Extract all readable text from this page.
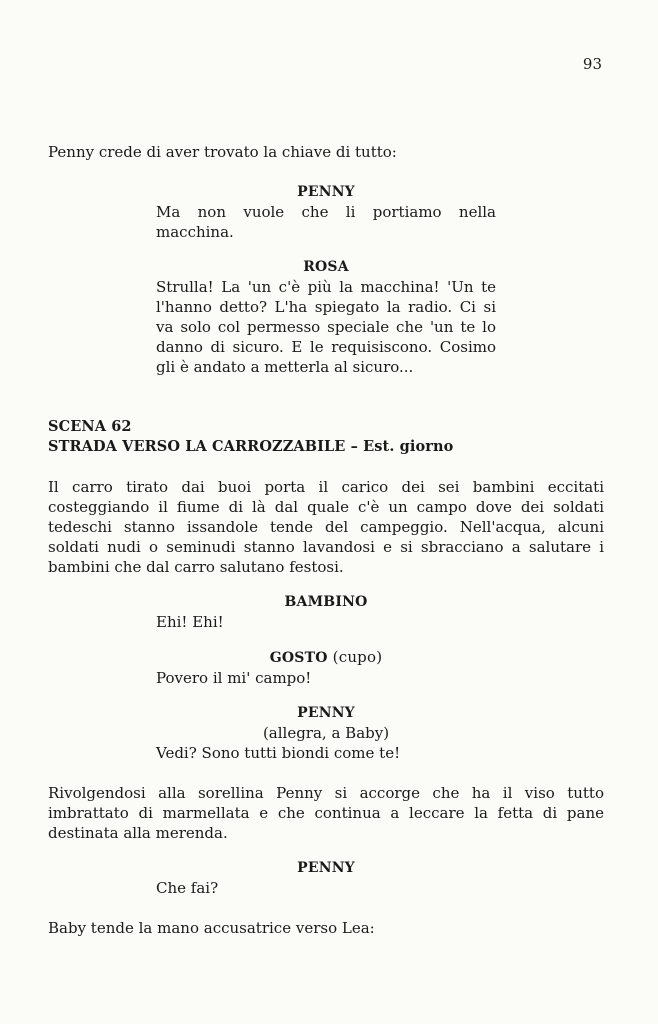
93

Penny crede di aver trovato la chiave di tutto:

PENNY

Ma non vuole che li portiamo nella macchina.

ROSA

Strulla! La 'un c'è più la macchina! 'Un te l'hanno detto? L'ha spiegato la radio. Ci si va solo col permesso speciale che 'un te lo danno di sicuro. E le requisiscono. Cosimo gli è andato a metterla al sicuro...

SCENA 62
STRADA VERSO LA CARROZZABILE – Est. giorno

Il carro tirato dai buoi porta il carico dei sei bambini eccitati costeggiando il fiume di là dal quale c'è un campo dove dei soldati tedeschi stanno issandole tende del campeggio. Nell'acqua, alcuni soldati nudi o seminudi stanno lavandosi e si sbracciano a salutare i bambini che dal carro salutano festosi.

BAMBINO

Ehi! Ehi!

GOSTO (cupo)

Povero il mi' campo!

PENNY
(allegra, a Baby)

Vedi? Sono tutti biondi come te!

Rivolgendosi alla sorellina Penny si accorge che ha il viso tutto imbrattato di marmellata e che continua a leccare la fetta di pane destinata alla merenda.

PENNY

Che fai?

Baby tende la mano accusatrice verso Lea:
